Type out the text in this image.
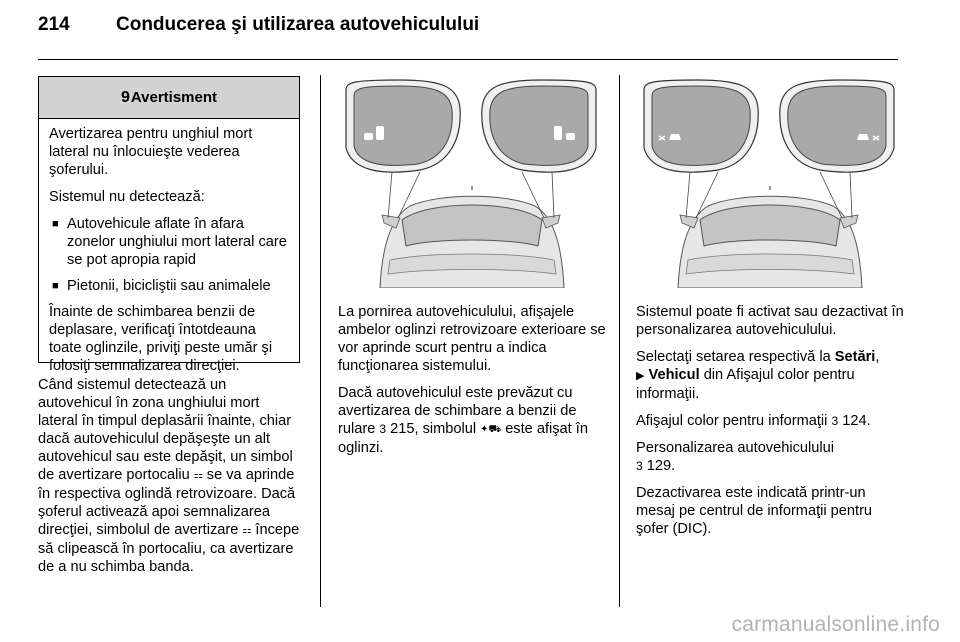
214 Conducerea şi utilizarea autovehiculului
9 Avertisment

Avertizarea pentru unghiul mort lateral nu înlocuieşte vederea şoferului.

Sistemul nu detectează:

■ Autovehicule aflate în afara zonelor unghiului mort lateral care se pot apropia rapid
■ Pietonii, bicicliştii sau animalele

Înainte de schimbarea benzii de deplasare, verificaţi întotdeauna toate oglinzile, priviţi peste umăr şi folosiţi semnalizarea direcţiei.

Când sistemul detectează un autovehicul în zona unghiului mort lateral în timpul deplasării înainte, chiar dacă autovehiculul depăşeşte un alt autovehicul sau este depăşit, un simbol de avertizare portocaliu ⚏ se va aprinde în respectiva oglindă retrovizoare. Dacă şoferul activează apoi semnalizarea direcţiei, simbolul de avertizare ⚏ începe să clipească în portocaliu, ca avertizare de a nu schimba banda.

La pornirea autovehiculului, afişajele ambelor oglinzi retrovizoare exterioare se vor aprinde scurt pentru a indica funcţionarea sistemului.

Dacă autovehiculul este prevăzut cu avertizarea de schimbare a benzii de rulare 3 215, simbolul ✦⛟ este afişat în oglinzi.

Sistemul poate fi activat sau dezactivat în personalizarea autovehiculului.

Selectaţi setarea respectivă la Setări,
▶ Vehicul din Afişajul color pentru informaţii.

Afişajul color pentru informaţii 3 124.

Personalizarea autovehiculului
3 129.

Dezactivarea este indicată printr-un mesaj pe centrul de informaţii pentru şofer (DIC).

carmanualsonline.info
